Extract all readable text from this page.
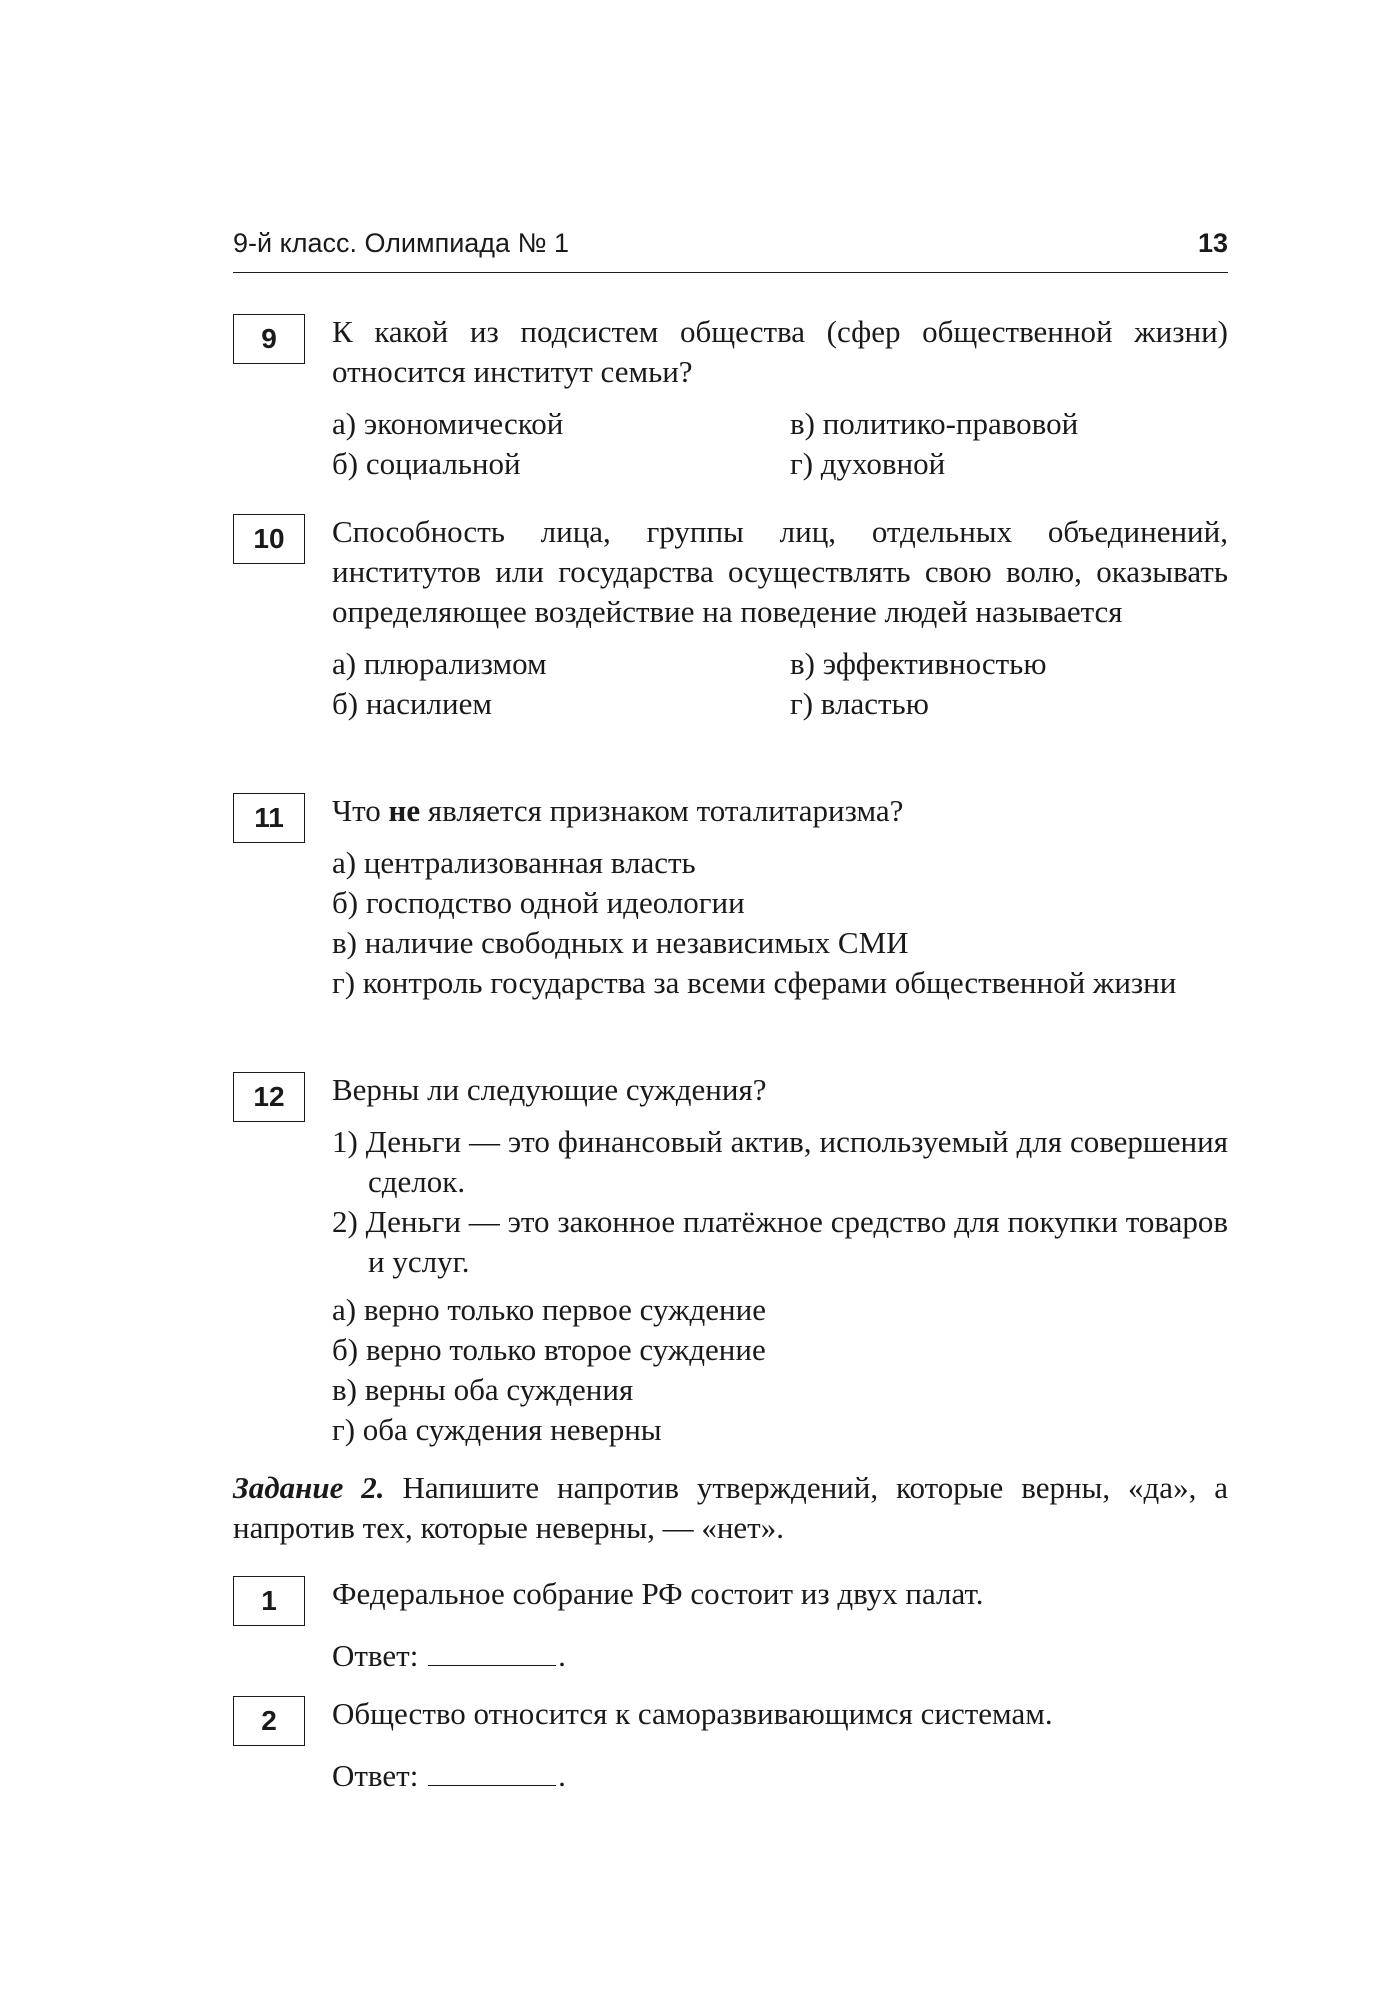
9-й класс. Олимпиада № 1	13
9	К какой из подсистем общества (сфер общественной жизни) относится институт семьи?
а) экономической	в) политико-правовой
б) социальной	г) духовной
10	Способность лица, группы лиц, отдельных объединений, институтов или государства осуществлять свою волю, оказывать определяющее воздействие на поведение людей называется
а) плюрализмом	в) эффективностью
б) насилием	г) властью
11	Что не является признаком тоталитаризма?
а) централизованная власть
б) господство одной идеологии
в) наличие свободных и независимых СМИ
г) контроль государства за всеми сферами общественной жизни
12	Верны ли следующие суждения?
1) Деньги — это финансовый актив, используемый для совершения сделок.
2) Деньги — это законное платёжное средство для покупки товаров и услуг.
а) верно только первое суждение
б) верно только второе суждение
в) верны оба суждения
г) оба суждения неверны
Задание 2. Напишите напротив утверждений, которые верны, «да», а напротив тех, которые неверны, — «нет».
1	Федеральное собрание РФ состоит из двух палат.
Ответ:	.
2	Общество относится к саморазвивающимся системам.
Ответ:	.
